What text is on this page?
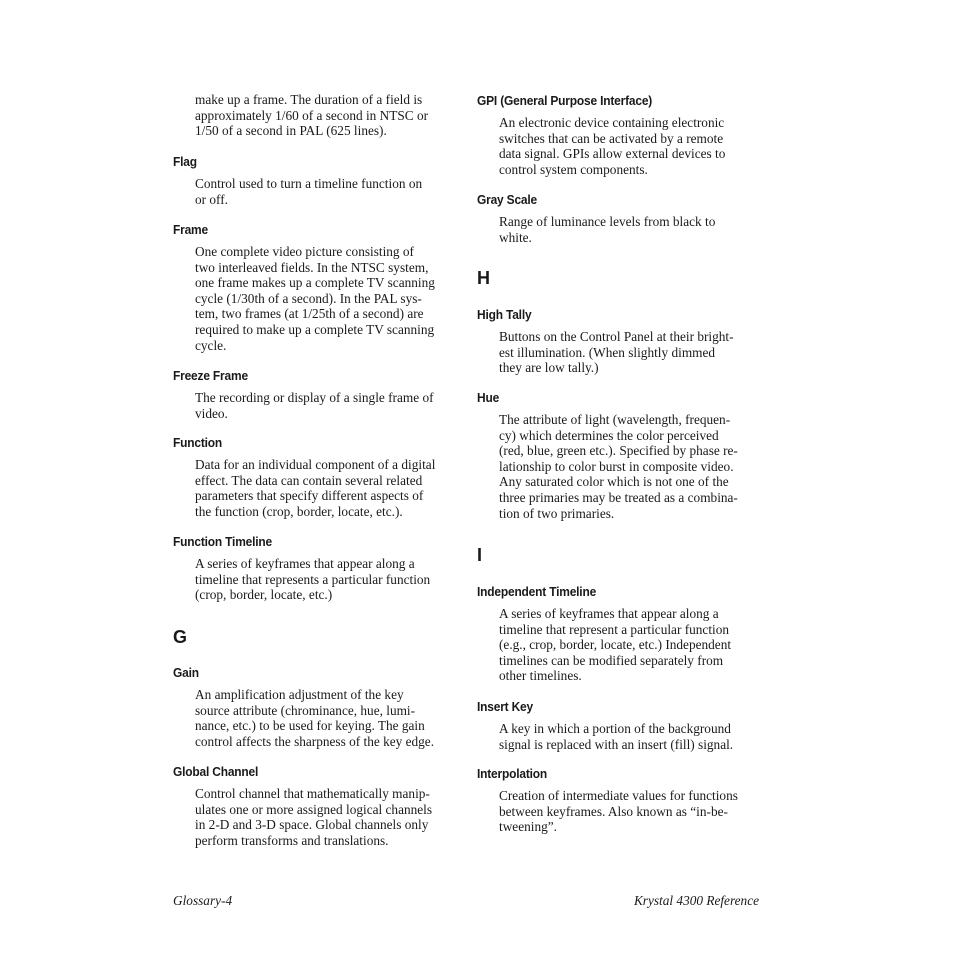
make up a frame. The duration of a field is
approximately 1/60 of a second in NTSC or
1/50 of a second in PAL (625 lines).
Flag
Control used to turn a timeline function on
or off.
Frame
One complete video picture consisting of
two interleaved fields. In the NTSC system,
one frame makes up a complete TV scanning
cycle (1/30th of a second). In the PAL sys-
tem, two frames (at 1/25th of a second) are
required to make up a complete TV scanning
cycle.
Freeze Frame
The recording or display of a single frame of
video.
Function
Data for an individual component of a digital
effect. The data can contain several related
parameters that specify different aspects of
the function (crop, border, locate, etc.).
Function Timeline
A series of keyframes that appear along a
timeline that represents a particular function
(crop, border, locate, etc.)
G
Gain
An amplification adjustment of the key
source attribute (chrominance, hue, lumi-
nance, etc.) to be used for keying. The gain
control affects the sharpness of the key edge.
Global Channel
Control channel that mathematically manip-
ulates one or more assigned logical channels
in 2-D and 3-D space. Global channels only
perform transforms and translations.
GPI (General Purpose Interface)
An electronic device containing electronic
switches that can be activated by a remote
data signal. GPIs allow external devices to
control system components.
Gray Scale
Range of luminance levels from black to
white.
H
High Tally
Buttons on the Control Panel at their bright-
est illumination. (When slightly dimmed
they are low tally.)
Hue
The attribute of light (wavelength, frequen-
cy) which determines the color perceived
(red, blue, green etc.). Specified by phase re-
lationship to color burst in composite video.
Any saturated color which is not one of the
three primaries may be treated as a combina-
tion of two primaries.
I
Independent Timeline
A series of keyframes that appear along a
timeline that represent a particular function
(e.g., crop, border, locate, etc.) Independent
timelines can be modified separately from
other timelines.
Insert Key
A key in which a portion of the background
signal is replaced with an insert (fill) signal.
Interpolation
Creation of intermediate values for functions
between keyframes. Also known as “in-be-
tweening”.
Glossary-4	Krystal 4300 Reference
